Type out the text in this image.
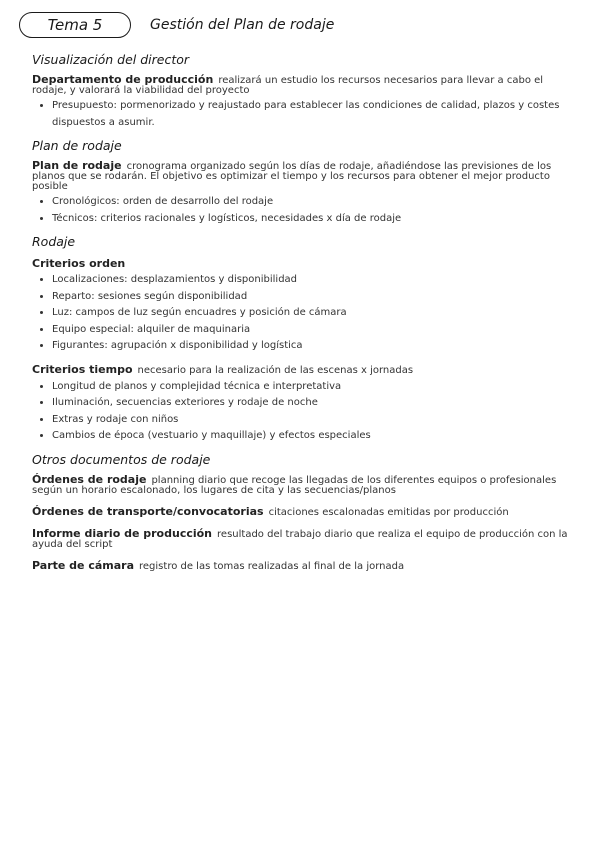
Tema 5	Gestión del Plan de rodaje
Visualización del director

Departamento de producción realizará un estudio los recursos necesarios para llevar a cabo el rodaje, y valorará la viabilidad del proyecto

• Presupuesto: pormenorizado y reajustado para establecer las condiciones de calidad, plazos y costes dispuestos a asumir.
Plan de rodaje

Plan de rodaje cronograma organizado según los días de rodaje, añadiéndose las previsiones de los planos que se rodarán. El objetivo es optimizar el tiempo y los recursos para obtener el mejor producto posible

• Cronológicos: orden de desarrollo del rodaje
• Técnicos: criterios racionales y logísticos, necesidades x día de rodaje
Rodaje
Criterios orden
• Localizaciones: desplazamientos y disponibilidad
• Reparto: sesiones según disponibilidad
• Luz: campos de luz según encuadres y posición de cámara
• Equipo especial: alquiler de maquinaria
• Figurantes: agrupación x disponibilidad y logística

Criterios tiempo necesario para la realización de las escenas x jornadas

• Longitud de planos y complejidad técnica e interpretativa
• Iluminación, secuencias exteriores y rodaje de noche
• Extras y rodaje con niños
• Cambios de época (vestuario y maquillaje) y efectos especiales
Otros documentos de rodaje

Órdenes de rodaje planning diario que recoge las llegadas de los diferentes equipos o profesionales según un horario escalonado, los lugares de cita y las secuencias/planos

Órdenes de transporte/convocatorias citaciones escalonadas emitidas por producción

Informe diario de producción resultado del trabajo diario que realiza el equipo de producción con la ayuda del script

Parte de cámara registro de las tomas realizadas al final de la jornada
